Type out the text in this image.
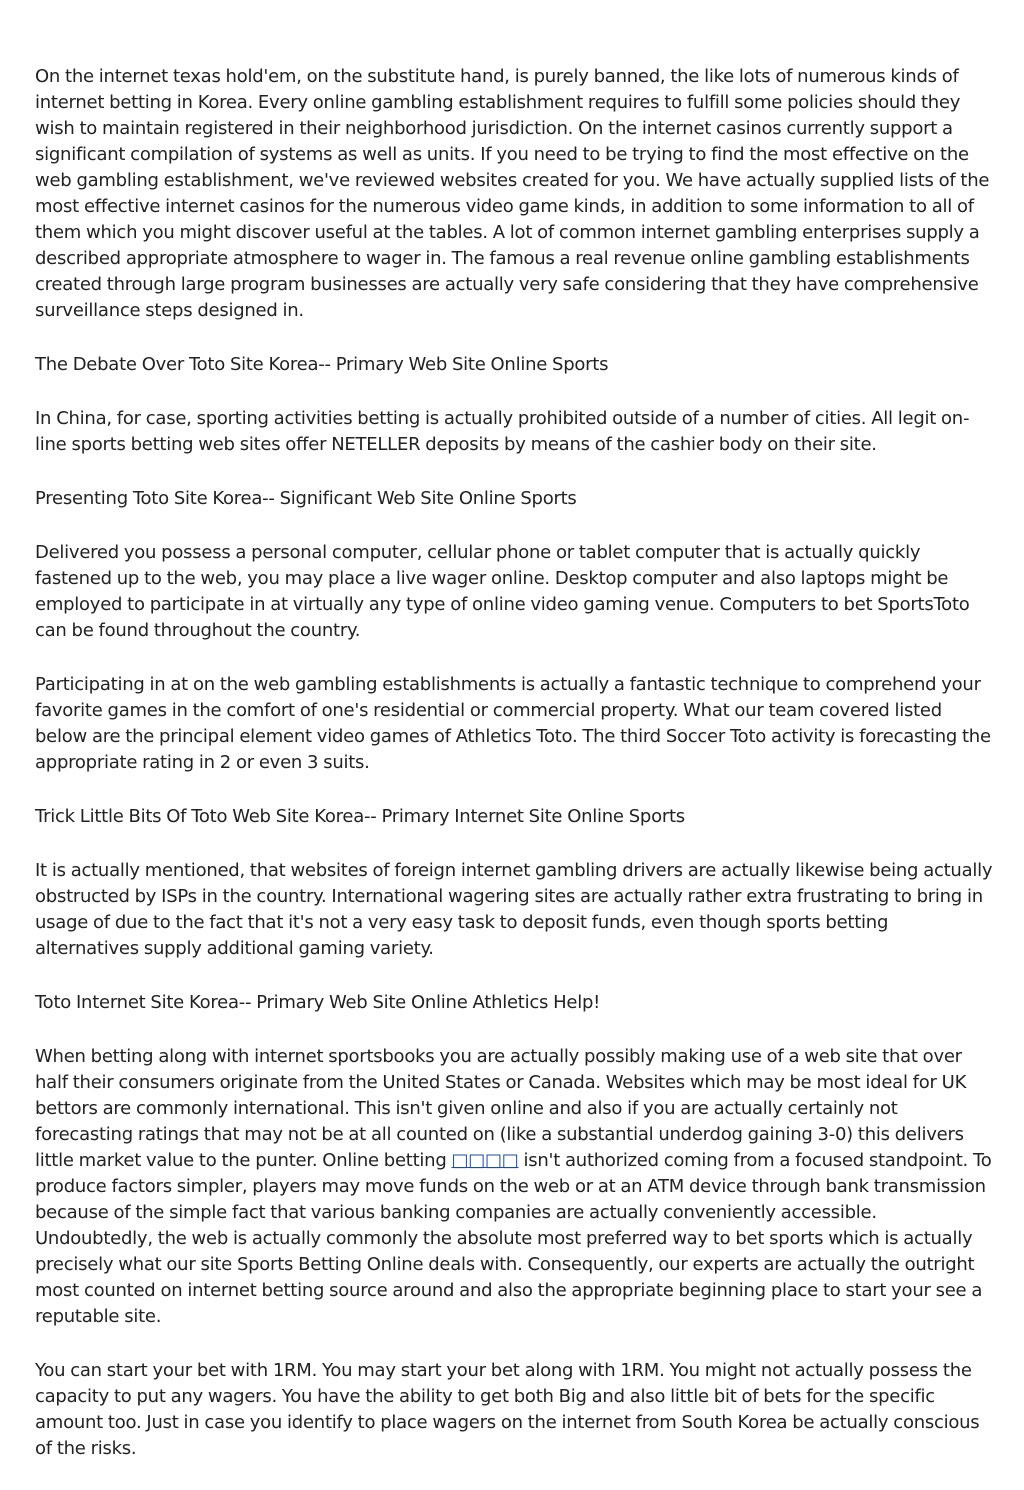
On the internet texas hold'em, on the substitute hand, is purely banned, the like lots of numerous kinds of internet betting in Korea. Every online gambling establishment requires to fulfill some policies should they wish to maintain registered in their neighborhood jurisdiction. On the internet casinos currently support a significant compilation of systems as well as units. If you need to be trying to find the most effective on the web gambling establishment, we've reviewed websites created for you. We have actually supplied lists of the most effective internet casinos for the numerous video game kinds, in addition to some information to all of them which you might discover useful at the tables. A lot of common internet gambling enterprises supply a described appropriate atmosphere to wager in. The famous a real revenue online gambling establishments created through large program businesses are actually very safe considering that they have comprehensive surveillance steps designed in.

The Debate Over Toto Site Korea-- Primary Web Site Online Sports

In China, for case, sporting activities betting is actually prohibited outside of a number of cities. All legit on-line sports betting web sites offer NETELLER deposits by means of the cashier body on their site.

Presenting Toto Site Korea-- Significant Web Site Online Sports

Delivered you possess a personal computer, cellular phone or tablet computer that is actually quickly fastened up to the web, you may place a live wager online. Desktop computer and also laptops might be employed to participate in at virtually any type of online video gaming venue. Computers to bet SportsToto can be found throughout the country.

Participating in at on the web gambling establishments is actually a fantastic technique to comprehend your favorite games in the comfort of one's residential or commercial property. What our team covered listed below are the principal element video games of Athletics Toto. The third Soccer Toto activity is forecasting the appropriate rating in 2 or even 3 suits.

Trick Little Bits Of Toto Web Site Korea-- Primary Internet Site Online Sports

It is actually mentioned, that websites of foreign internet gambling drivers are actually likewise being actually obstructed by ISPs in the country. International wagering sites are actually rather extra frustrating to bring in usage of due to the fact that it's not a very easy task to deposit funds, even though sports betting alternatives supply additional gaming variety.

Toto Internet Site Korea-- Primary Web Site Online Athletics Help!

When betting along with internet sportsbooks you are actually possibly making use of a web site that over half their consumers originate from the United States or Canada. Websites which may be most ideal for UK bettors are commonly international. This isn't given online and also if you are actually certainly not forecasting ratings that may not be at all counted on (like a substantial underdog gaining 3-0) this delivers little market value to the punter. Online betting □□□□ isn't authorized coming from a focused standpoint. To produce factors simpler, players may move funds on the web or at an ATM device through bank transmission because of the simple fact that various banking companies are actually conveniently accessible. Undoubtedly, the web is actually commonly the absolute most preferred way to bet sports which is actually precisely what our site Sports Betting Online deals with. Consequently, our experts are actually the outright most counted on internet betting source around and also the appropriate beginning place to start your see a reputable site.

You can start your bet with 1RM. You may start your bet along with 1RM. You might not actually possess the capacity to put any wagers. You have the ability to get both Big and also little bit of bets for the specific amount too. Just in case you identify to place wagers on the internet from South Korea be actually conscious of the risks.
